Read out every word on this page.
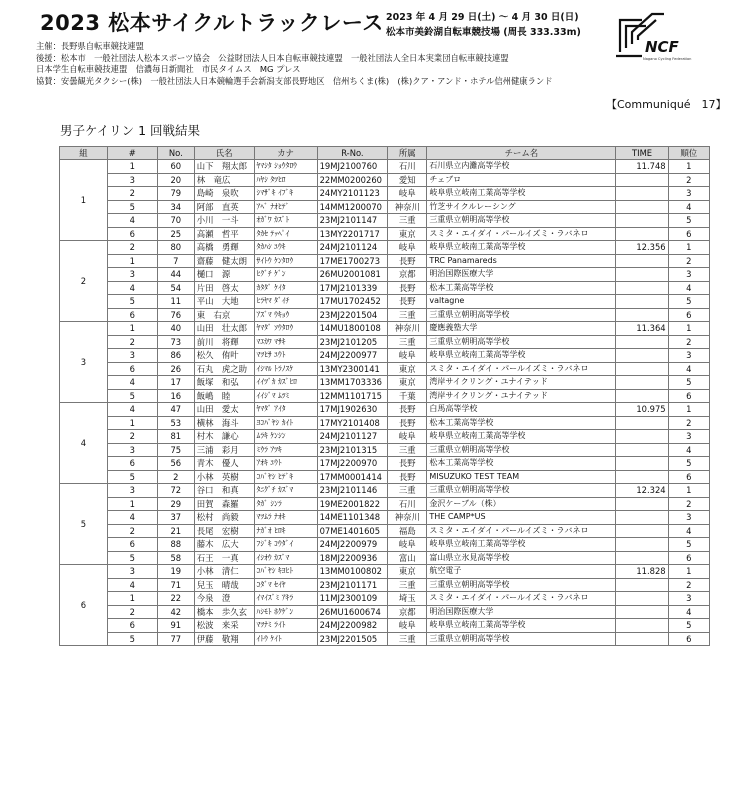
2023 松本サイクルトラックレース 2023 年 4 月 29 日(土) ～ 4 月 30 日(日)
松本市美鈴湖自転車競技場 (周長 333.33m)
NCF
Nagano Cycling Federation
主催：長野県自転車競技連盟
後援：松本市　一般社団法人松本スポーツ協会　公益財団法人日本自転車競技連盟　一般社団法人全日本実業団自転車競技連盟
日本学生自転車競技連盟　信濃毎日新聞社　市民タイムス　MG プレス
協賛：安曇観光タクシー(株)　一般社団法人日本競輪選手会新潟支部長野地区　信州ちくま(株)　(株)クア・アンド・ホテル信州健康ランド
【Communiqué　17】
男子ケイリン 1 回戦結果
組	#	No.	氏名	カナ	R-No.	所属	チーム名	TIME	順位
1	1	60	山下　翔太郎	ﾔﾏｼﾀ ｼｮｳﾀﾛｳ	19MJ2100760	石川	石川県立内灘高等学校	11.748	1
	3	20	林　竜広	ﾊﾔｼ ﾀﾂﾋﾛ	22MM0200260	愛知	チェブロ		2
	2	79	島崎　泉吹	ｼﾏｻﾞｷ ｲﾌﾞｷ	24MY2101123	岐阜	岐阜県立岐南工業高等学校		3
	5	34	阿部　直英	ｱﾍﾞ ﾅｵﾋﾃﾞ	14MM1200070	神奈川	竹芝サイクルレーシング		4
	4	70	小川　一斗	ｵｶﾞﾜ ｶｽﾞﾄ	23MJ2101147	三重	三重県立朝明高等学校		5
	6	25	高瀬　哲平	ﾀｶｾ ﾃｯﾍﾟｲ	13MY2201717	東京	スミタ・エイダイ・パールイズミ・ラバネロ		6
2	2	80	高橋　勇輝	ﾀｶﾊｼ ﾕｳｷ	24MJ2101124	岐阜	岐阜県立岐南工業高等学校	12.356	1
	1	7	齋藤　健太朗	ｻｲﾄｳ ｹﾝﾀﾛｳ	17ME1700273	長野	TRC Panamareds		2
	3	44	樋口　源	ﾋｸﾞﾁ ｹﾞﾝ	26MU2001081	京都	明治国際医療大学		3
	4	54	片田　啓太	ｶﾀﾀﾞ ｹｲﾀ	17MJ2101339	長野	松本工業高等学校		4
	5	11	平山　大地	ﾋﾗﾔﾏ ﾀﾞｲﾁ	17MU1702452	長野	valtagne		5
	6	76	東　右京	ｱｽﾞﾏ ｳｷｮｳ	23MJ2201504	三重	三重県立朝明高等学校		6
3	1	40	山田　壮太郎	ﾔﾏﾀﾞ ｿｳﾀﾛｳ	14MU1800108	神奈川	慶應義塾大学	11.364	1
	2	73	前川　将輝	ﾏｴｶﾜ ﾏｻｷ	23MJ2101205	三重	三重県立朝明高等学校		2
	3	86	松久　侑叶	ﾏﾂﾋｻ ﾕｳﾄ	24MJ2200977	岐阜	岐阜県立岐南工業高等学校		3
	6	26	石丸　虎之助	ｲｼﾏﾙ ﾄﾗﾉｽｹ	13MY2300141	東京	スミタ・エイダイ・パールイズミ・ラバネロ		4
	4	17	飯塚　和弘	ｲｲﾂﾞｶ ｶｽﾞﾋﾛ	13MM1703336	東京	湾岸サイクリング・ユナイテッド		5
	5	16	飯嶋　睦	ｲｲｼﾞﾏ ﾑﾂﾐ	12MM1101715	千葉	湾岸サイクリング・ユナイテッド		6
4	4	47	山田　愛太	ﾔﾏﾀﾞ ｱｲﾀ	17MJ1902630	長野	白馬高等学校	10.975	1
	1	53	横林　海斗	ﾖｺﾊﾞﾔｼ ｶｲﾄ	17MY2101408	長野	松本工業高等学校		2
	2	81	村木　謙心	ﾑﾗｷ ｹﾝｼﾝ	24MJ2101127	岐阜	岐阜県立岐南工業高等学校		3
	3	75	三浦　彩月	ﾐｳﾗ ｱﾂｷ	23MJ2101315	三重	三重県立朝明高等学校		4
	6	56	青木　優人	ｱｵｷ ﾕｳﾄ	17MJ2200970	長野	松本工業高等学校		5
	5	2	小林　英樹	ｺﾊﾞﾔｼ ﾋﾃﾞｷ	17MM0001414	長野	MISUZUKO TEST TEAM		6
5	3	72	谷口　和真	ﾀﾆｸﾞﾁ ｶｽﾞﾏ	23MJ2101146	三重	三重県立朝明高等学校	12.324	1
	1	29	田賀　森羅	ﾀｶﾞ ｼﾝﾗ	19ME2001822	石川	金沢ケーブル（株）		2
	4	37	松村　尚毅	ﾏﾂﾑﾗ ﾅｵｷ	14ME1101348	神奈川	THE CAMP*US		3
	2	21	長尾　宏樹	ﾅｶﾞｵ ﾋﾛｷ	07ME1401605	福島	スミタ・エイダイ・パールイズミ・ラバネロ		4
	6	88	藤木　広大	ﾌｼﾞｷ ｺｳﾀﾞｲ	24MJ2200979	岐阜	岐阜県立岐南工業高等学校		5
	5	58	石王　一真	ｲｼｵｳ ｶｽﾞﾏ	18MJ2200936	富山	富山県立氷見高等学校		6
6	3	19	小林　清仁	ｺﾊﾞﾔｼ ｷﾖﾋﾄ	13MM0100802	東京	航空電子	11.828	1
	4	71	兒玉　晴哉	ｺﾀﾞﾏ ｾｲﾔ	23MJ2101171	三重	三重県立朝明高等学校		2
	1	22	今泉　澄	ｲﾏｲｽﾞﾐ ｱｷﾗ	11MJ2300109	埼玉	スミタ・エイダイ・パールイズミ・ラバネロ		3
	2	42	橋本　歩久玄	ﾊｼﾓﾄ ﾎｸｹﾞﾝ	26MU1600674	京都	明治国際医療大学		4
	6	91	松波　来采	ﾏﾂﾅﾐ ﾗｲﾄ	24MJ2200982	岐阜	岐阜県立岐南工業高等学校		5
	5	77	伊藤　敬翔	ｲﾄｳ ｹｲﾄ	23MJ2201505	三重	三重県立朝明高等学校		6
